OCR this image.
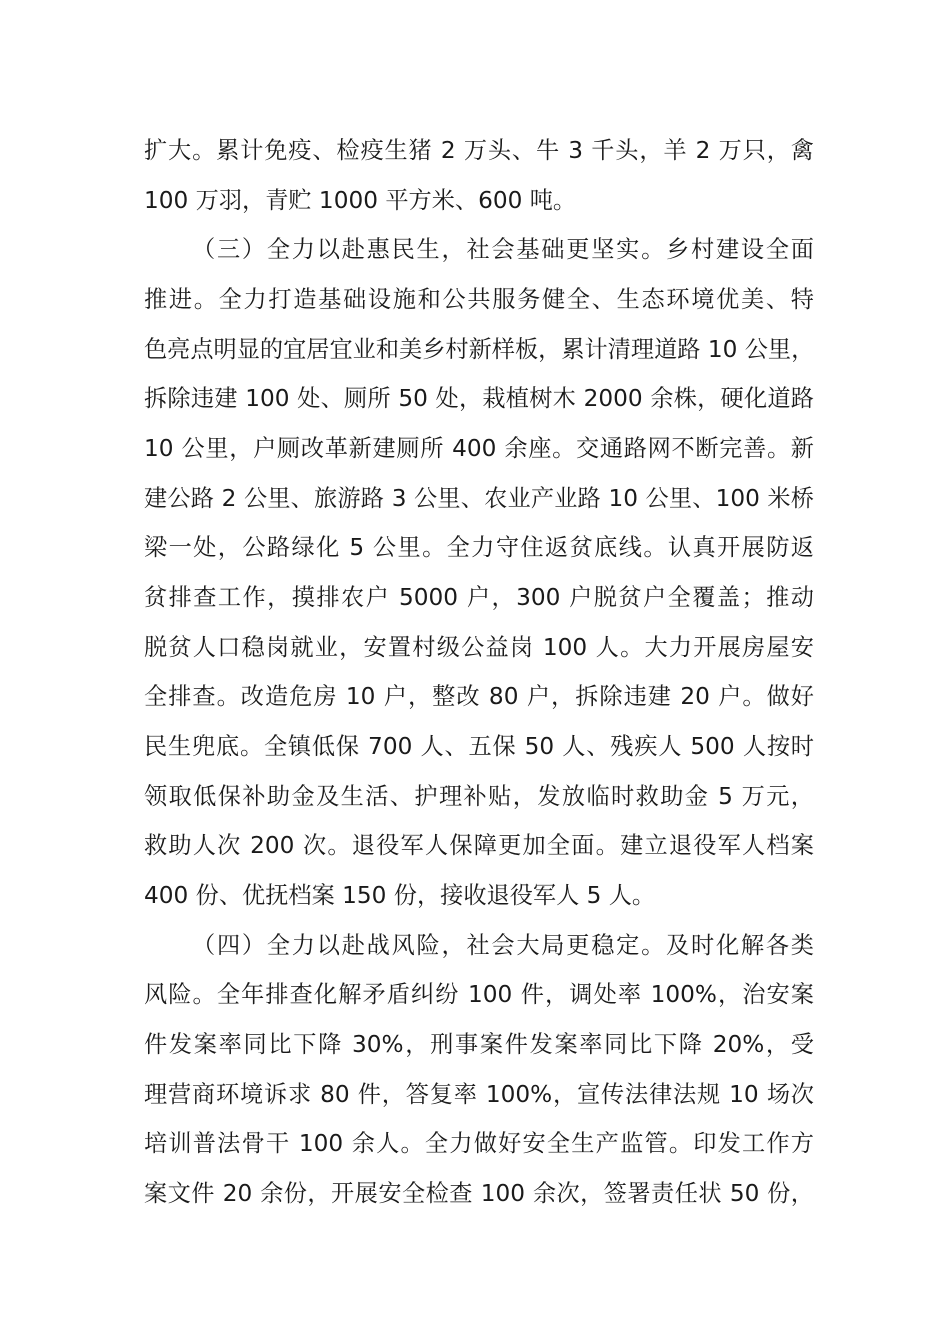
扩大。累计免疫、检疫生猪 2 万头、牛 3 千头，羊 2 万只，禽
100 万羽，青贮 1000 平方米、600 吨。
（三）全力以赴惠民生，社会基础更坚实。乡村建设全面
推进。全力打造基础设施和公共服务健全、生态环境优美、特
色亮点明显的宜居宜业和美乡村新样板，累计清理道路 10 公里，
拆除违建 100 处、厕所 50 处，栽植树木 2000 余株，硬化道路
10 公里，户厕改革新建厕所 400 余座。交通路网不断完善。新
建公路 2 公里、旅游路 3 公里、农业产业路 10 公里、100 米桥
梁一处，公路绿化 5 公里。全力守住返贫底线。认真开展防返
贫排查工作，摸排农户 5000 户，300 户脱贫户全覆盖；推动
脱贫人口稳岗就业，安置村级公益岗 100 人。大力开展房屋安
全排查。改造危房 10 户，整改 80 户，拆除违建 20 户。做好
民生兜底。全镇低保 700 人、五保 50 人、残疾人 500 人按时
领取低保补助金及生活、护理补贴，发放临时救助金 5 万元，
救助人次 200 次。退役军人保障更加全面。建立退役军人档案
400 份、优抚档案 150 份，接收退役军人 5 人。
（四）全力以赴战风险，社会大局更稳定。及时化解各类
风险。全年排查化解矛盾纠纷 100 件，调处率 100%，治安案
件发案率同比下降 30%，刑事案件发案率同比下降 20%，受
理营商环境诉求 80 件，答复率 100%，宣传法律法规 10 场次
培训普法骨干 100 余人。全力做好安全生产监管。印发工作方
案文件 20 余份，开展安全检查 100 余次，签署责任状 50 份，
